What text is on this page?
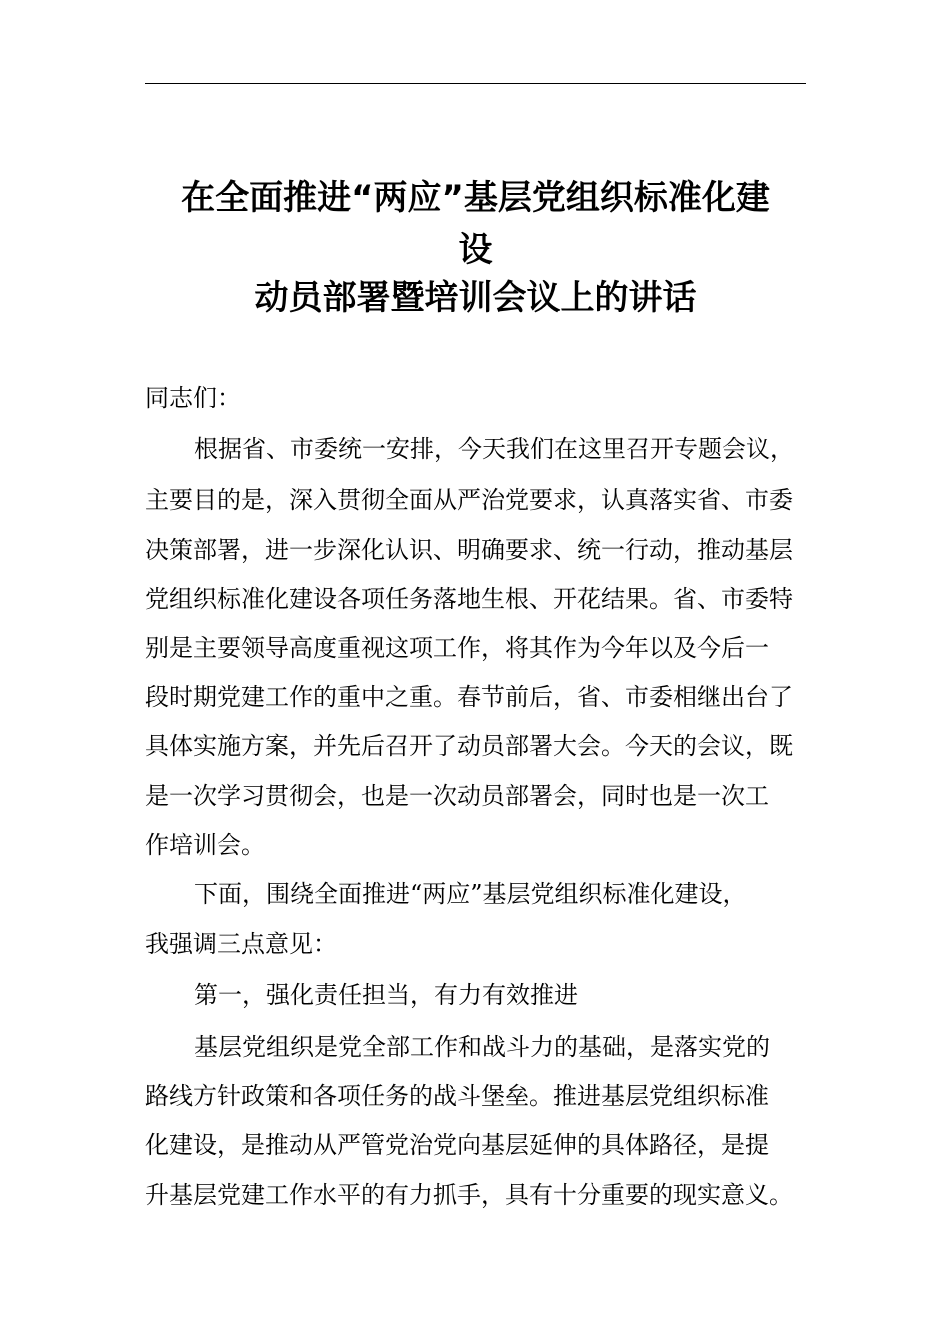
在全面推进“两应”基层党组织标准化建
设
动员部署暨培训会议上的讲话

同志们：

根据省、市委统一安排，今天我们在这里召开专题会议，

主要目的是，深入贯彻全面从严治党要求，认真落实省、市委

决策部署，进一步深化认识、明确要求、统一行动，推动基层

党组织标准化建设各项任务落地生根、开花结果。省、市委特

别是主要领导高度重视这项工作，将其作为今年以及今后一

段时期党建工作的重中之重。春节前后，省、市委相继出台了

具体实施方案，并先后召开了动员部署大会。今天的会议，既

是一次学习贯彻会，也是一次动员部署会，同时也是一次工

作培训会。

下面，围绕全面推进“两应”基层党组织标准化建设，

我强调三点意见：

第一，强化责任担当，有力有效推进

基层党组织是党全部工作和战斗力的基础，是落实党的

路线方针政策和各项任务的战斗堡垒。推进基层党组织标准

化建设，是推动从严管党治党向基层延伸的具体路径，是提

升基层党建工作水平的有力抓手，具有十分重要的现实意义。
